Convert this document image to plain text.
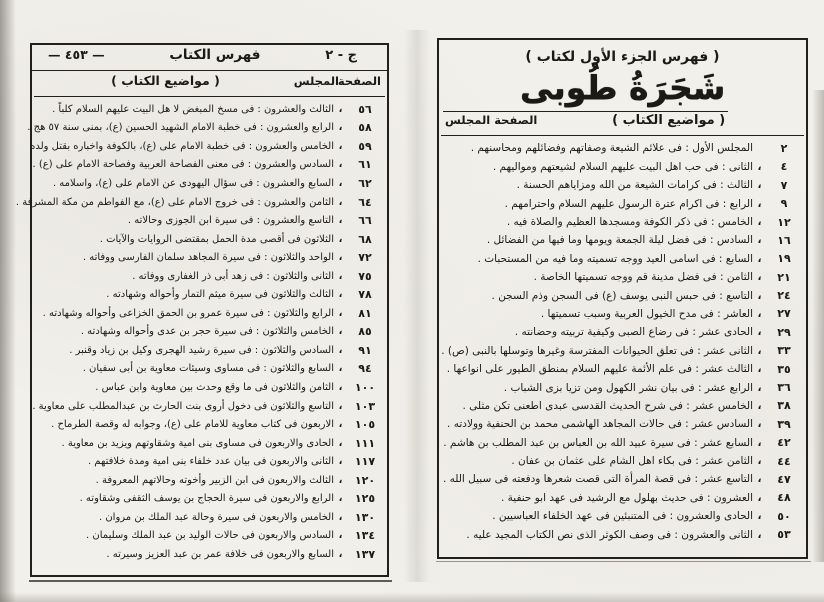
( فهرس الجزء الأول لكتاب )
شَجَرَةُ طُوبى
( مواضيع الكتاب )
الصفحة المجلس
٢
المجلس الأول : فى علائم الشيعة وصفاتهم وفضائلهم ومحاسنهم .
٤
،
الثانى : فى حب اهل البيت عليهم السلام لشيعتهم ومواليهم .
٧
،
الثالث : فى كرامات الشيعة من الله ومزاياهم الحسنة .
٩
،
الرابع : فى اكرام عترة الرسول عليهم السلام واحترامهم .
١٢
،
الخامس : فى ذكر الكوفة ومسجدها العظيم والصلاة فيه .
١٦
،
السادس : فى فضل ليلة الجمعة ويومها وما فيها من الفضائل .
١٩
،
السابع : فى اسامى العيد ووجه تسميته وما فيه من المستحبات .
٢١
،
الثامن : فى فضل مدينة قم ووجه تسميتها الخاصة .
٢٤
،
التاسع : فى حبس النبى يوسف (ع) فى السجن وذم السجن .
٢٧
،
العاشر : فى مدح الخيول العربية وسبب تسميتها .
٢٩
،
الحادى عشر : فى رضاع الصبى وكيفية تربيته وحضانته .
٣٣
،
الثانى عشر : فى تعلق الحيوانات المفترسة وغيرها وتوسلها بالنبى (ص) .
٣٥
،
الثالث عشر : فى علم الأئمة عليهم السلام بمنطق الطيور على انواعها .
٣٦
،
الرابع عشر : فى بيان نشر الكهول ومن تزيا بزى الشباب .
٣٨
،
الخامس عشر : فى شرح الحديث القدسى عبدى اطعنى تكن مثلى .
٣٩
،
السادس عشر : فى حالات المجاهد الهاشمى محمد بن الحنفية وولادته .
٤٢
،
السابع عشر : فى سيرة عبيد الله بن العباس بن عبد المطلب بن هاشم .
٤٤
،
الثامن عشر : فى بكاء اهل الشام على عثمان بن عفان .
٤٧
،
التاسع عشر : فى قصة المرأة التى قصت شعرها ودفعته فى سبيل الله .
٤٨
،
العشرون : فى حديث بهلول مع الرشيد فى عهد ابو حنفية .
٥٠
،
الحادى والعشرون : فى المتنبئين فى عهد الخلفاء العباسيين .
٥٣
،
الثانى والعشرون : فى وصف الكوثر الذى نص الكتاب المجيد عليه .
ج - ٢
فهرس الكتاب
— ٤٥٣ —
الصفحة
المجلس
( مواضيع الكتاب )
٥٦
،
الثالث والعشرون : فى مسخ المبغض لا هل البيت عليهم السلام كلباً .
٥٨
،
الرابع والعشرون : فى خطبة الامام الشهيد الحسين (ع)، بمنى سنة ٥٧ هج .
٥٩
،
الخامس والعشرون : فى خطبة الامام على (ع)، بالكوفة واخباره بقتل ولده
٦١
،
السادس والعشرون : فى معنى الفصاحة العربية وفصاحة الامام على (ع) .
٦٢
،
السابع والعشرون : فى سؤال اليهودى عن الامام على (ع)، واسلامه .
٦٤
،
الثامن والعشرون : فى خروج الامام على (ع)، مع الفواطم من مكة المشرفة .
٦٦
،
التاسع والعشرون : فى سيرة ابن الجوزى وحالاته .
٦٨
،
الثلاثون فى أقصى مدة الحمل بمقتضى الروايات والآيات .
٧٢
،
الواحد والثلاثون : فى سيرة المجاهد سلمان الفارسى ووفاته .
٧٥
،
الثانى والثلاثون : فى زهد أبى ذر الغفارى ووفاته .
٧٨
،
الثالث والثلاثون فى سيرة ميثم التمار وأحواله وشهادته .
٨١
،
الرابع والثلاثون : فى سيرة عمرو بن الحمق الخزاعى وأحواله وشهادته .
٨٥
،
الخامس والثلاثون : فى سيرة حجر بن عدى وأحواله وشهادته .
٩١
،
السادس والثلاثون : فى سيرة رشيد الهجرى وكيل بن زياد وقنبر .
٩٤
،
السابع والثلاثون : فى مساوى وسيئات معاوية بن أبى سفيان .
١٠٠
،
الثامن والثلاثون فى ما وقع وحدث بين معاوية وابن عباس .
١٠٣
،
التاسع والثلاثون فى دخول أروى بنت الحارث بن عبدالمطلب على معاوية .
١٠٥
،
الاربعون فى كتاب معاوية للامام على (ع)، وجوابه له وقصة الطرماح .
١١١
،
الحادى والاربعون فى مساوى بنى امية وشقاوتهم ويزيد بن معاوية .
١١٧
،
الثانى والاربعون فى بيان عدد خلفاء بنى امية ومدة خلافتهم .
١٢٠
،
الثالث والاربعون فى ابن الزبير وأخوته وحالاتهم المعروفة .
١٢٥
،
الرابع والاربعون فى سيرة الحجاج بن يوسف الثقفى وشقاوته .
١٣٠
،
الخامس والاربعون فى سيرة وحالة عبد الملك بن مروان .
١٣٤
،
السادس والاربعون فى حالات الوليد بن عبد الملك وسليمان .
١٣٧
،
السابع والاربعون فى خلافة عمر بن عبد العزيز وسيرته .
